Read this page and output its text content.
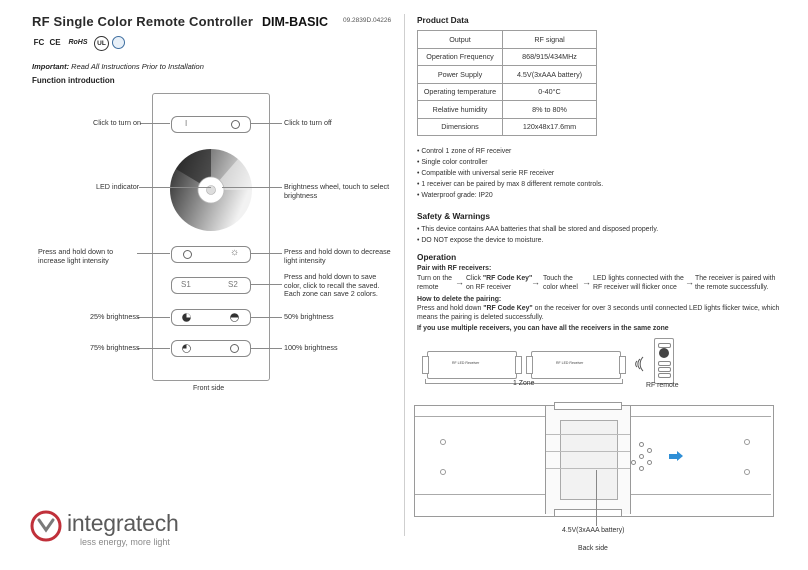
RF Single Color Remote Controller DIM-BASIC 09.2839D.04226
FC CE RoHS UL
Important: Read All Instructions Prior to Installation
Function introduction
I
☼
S1	S2
Click to turn on	Click to turn off
LED indicator	Brightness wheel, touch to select brightness
Press and hold down to increase light intensity
Press and hold down to decrease light intensity
Press and hold down to save color, click to recall the saved. Each zone can save 2 colors.
25% brightness	50% brightness
75% brightness	100% brightness
Front side
integratech
less energy, more light
Product Data
Output	RF signal
Operation Frequency	868/915/434MHz
Power Supply	4.5V(3xAAA battery)
Operating temperature	0-40°C
Relative humidity	8% to 80%
Dimensions	120x48x17.6mm
• Control 1 zone of RF receiver
• Single color controller
• Compatible with universal serie RF receiver
• 1 receiver can be paired by max 8 different remote controls.
• Waterproof grade: IP20
Safety & Warnings
• This device contains AAA batteries that shall be stored and disposed properly.
• DO NOT expose the device to moisture.
Operation
Pair with RF receivers:
Turn on the remote	→ Click "RF Code Key" on RF receiver	→ Touch the color wheel → LED lights connected with the RF receiver will flicker once → The receiver is paired with the remote successfully.
How to delete the pairing:
Press and hold down "RF Code Key" on the receiver for over 3 seconds until connected LED lights flicker twice, which means the pairing is deleted successfully.
If you use multiple receivers, you can have all the receivers in the same zone
RF LED Receiver	RF LED Receiver
1 Zone	RF remote
4.5V(3xAAA battery)
Back side
